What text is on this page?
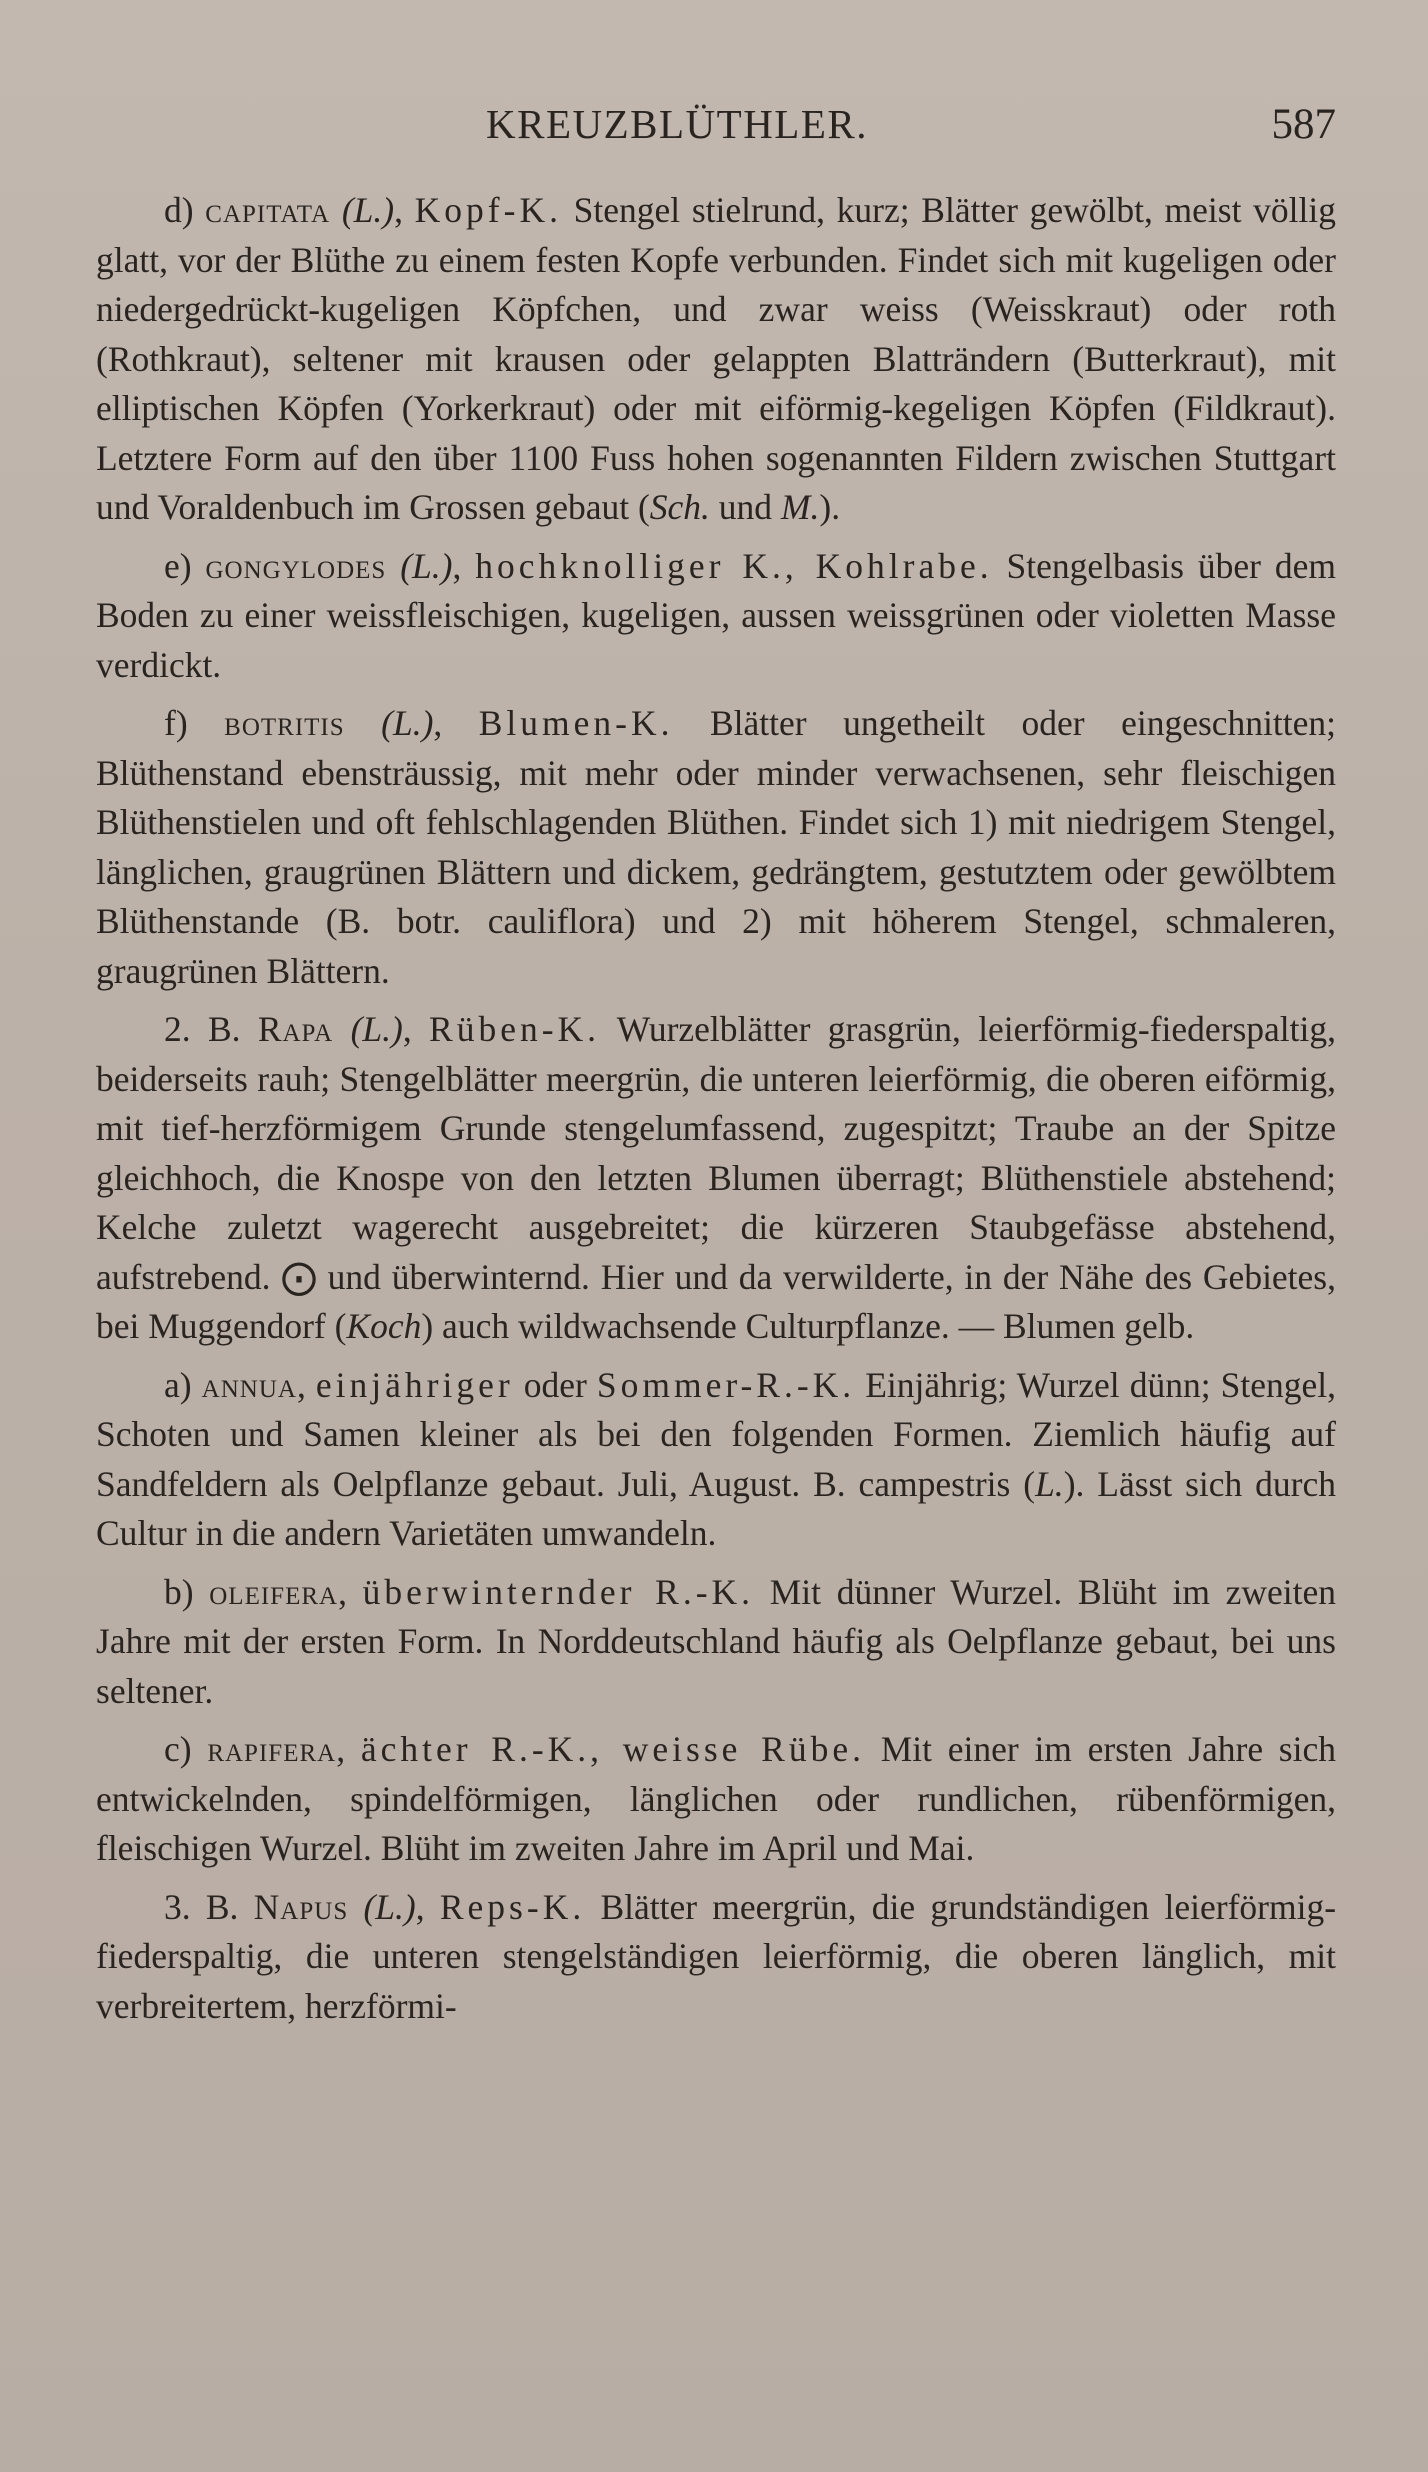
KREUZBLÜTHLER.	587

d) capitata (L.), Kopf-K. Stengel stielrund, kurz; Blätter gewölbt, meist völlig glatt, vor der Blüthe zu einem festen Kopfe verbunden. Findet sich mit kugeligen oder niedergedrückt-kugeligen Köpfchen, und zwar weiss (Weisskraut) oder roth (Rothkraut), seltener mit krausen oder gelappten Blatträndern (Butterkraut), mit elliptischen Köpfen (Yorkerkraut) oder mit eiförmig-kegeligen Köpfen (Fildkraut). Letztere Form auf den über 1100 Fuss hohen sogenannten Fildern zwischen Stuttgart und Voraldenbuch im Grossen gebaut (Sch. und M.).

e) gongylodes (L.), hochknolliger K., Kohlrabe. Stengelbasis über dem Boden zu einer weissfleischigen, kugeligen, aussen weissgrünen oder violetten Masse verdickt.

f) botritis (L.), Blumen-K. Blätter ungetheilt oder eingeschnitten; Blüthenstand ebensträussig, mit mehr oder minder verwachsenen, sehr fleischigen Blüthenstielen und oft fehlschlagenden Blüthen. Findet sich 1) mit niedrigem Stengel, länglichen, graugrünen Blättern und dickem, gedrängtem, gestutztem oder gewölbtem Blüthenstande (B. botr. cauliflora) und 2) mit höherem Stengel, schmaleren, graugrünen Blättern.

2. B. Rapa (L.), Rüben-K. Wurzelblätter grasgrün, leierförmig-fiederspaltig, beiderseits rauh; Stengelblätter meergrün, die unteren leierförmig, die oberen eiförmig, mit tief-herzförmigem Grunde stengelumfassend, zugespitzt; Traube an der Spitze gleichhoch, die Knospe von den letzten Blumen überragt; Blüthenstiele abstehend; Kelche zuletzt wagerecht ausgebreitet; die kürzeren Staubgefässe abstehend, aufstrebend. ⨀ und überwinternd. Hier und da verwilderte, in der Nähe des Gebietes, bei Muggendorf (Koch) auch wildwachsende Culturpflanze. — Blumen gelb.

a) annua, einjähriger oder Sommer-R.-K. Einjährig; Wurzel dünn; Stengel, Schoten und Samen kleiner als bei den folgenden Formen. Ziemlich häufig auf Sandfeldern als Oelpflanze gebaut. Juli, August. B. campestris (L.). Lässt sich durch Cultur in die andern Varietäten umwandeln.

b) oleifera, überwinternder R.-K. Mit dünner Wurzel. Blüht im zweiten Jahre mit der ersten Form. In Norddeutschland häufig als Oelpflanze gebaut, bei uns seltener.

c) rapifera, ächter R.-K., weisse Rübe. Mit einer im ersten Jahre sich entwickelnden, spindelförmigen, länglichen oder rundlichen, rübenförmigen, fleischigen Wurzel. Blüht im zweiten Jahre im April und Mai.

3. B. Napus (L.), Reps-K. Blätter meergrün, die grundständigen leierförmig-fiederspaltig, die unteren stengelständigen leierförmig, die oberen länglich, mit verbreitertem, herzförmi-
